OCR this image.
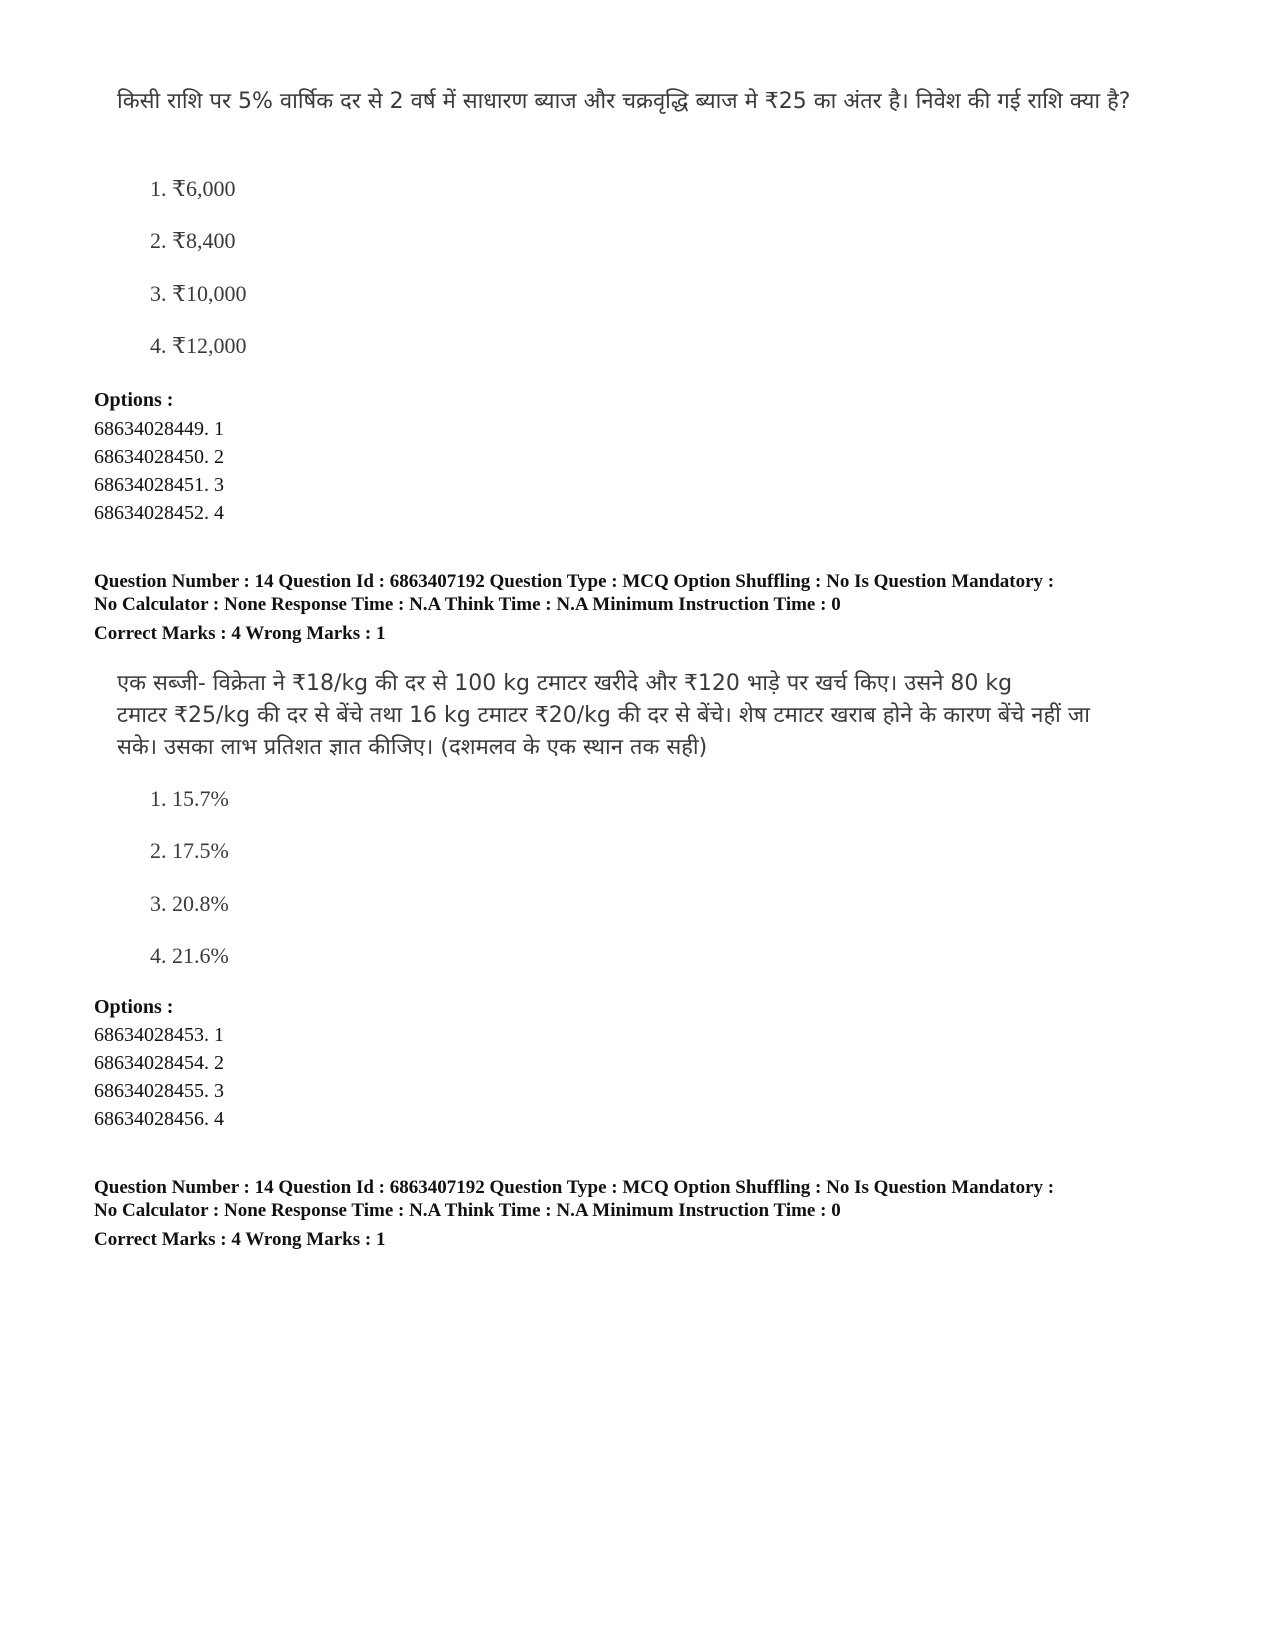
किसी राशि पर 5% वार्षिक दर से 2 वर्ष में साधारण ब्याज और चक्रवृद्धि ब्याज मे ₹25 का अंतर है। निवेश की गई राशि क्या है?

1. ₹6,000
2. ₹8,400
3. ₹10,000
4. ₹12,000
Options :
68634028449. 1
68634028450. 2
68634028451. 3
68634028452. 4
Question Number : 14 Question Id : 6863407192 Question Type : MCQ Option Shuffling : No Is Question Mandatory :
No Calculator : None Response Time : N.A Think Time : N.A Minimum Instruction Time : 0
Correct Marks : 4 Wrong Marks : 1
एक सब्जी- विक्रेता ने ₹18/kg की दर से 100 kg टमाटर खरीदे और ₹120 भाड़े पर खर्च किए। उसने 80 kg
टमाटर ₹25/kg की दर से बेंचे तथा 16 kg टमाटर ₹20/kg की दर से बेंचे। शेष टमाटर खराब होने के कारण बेंचे नहीं जा
सके। उसका लाभ प्रतिशत ज्ञात कीजिए। (दशमलव के एक स्थान तक सही)
1. 15.7%
2. 17.5%
3. 20.8%
4. 21.6%
Options :
68634028453. 1
68634028454. 2
68634028455. 3
68634028456. 4
Question Number : 14 Question Id : 6863407192 Question Type : MCQ Option Shuffling : No Is Question Mandatory :
No Calculator : None Response Time : N.A Think Time : N.A Minimum Instruction Time : 0
Correct Marks : 4 Wrong Marks : 1
